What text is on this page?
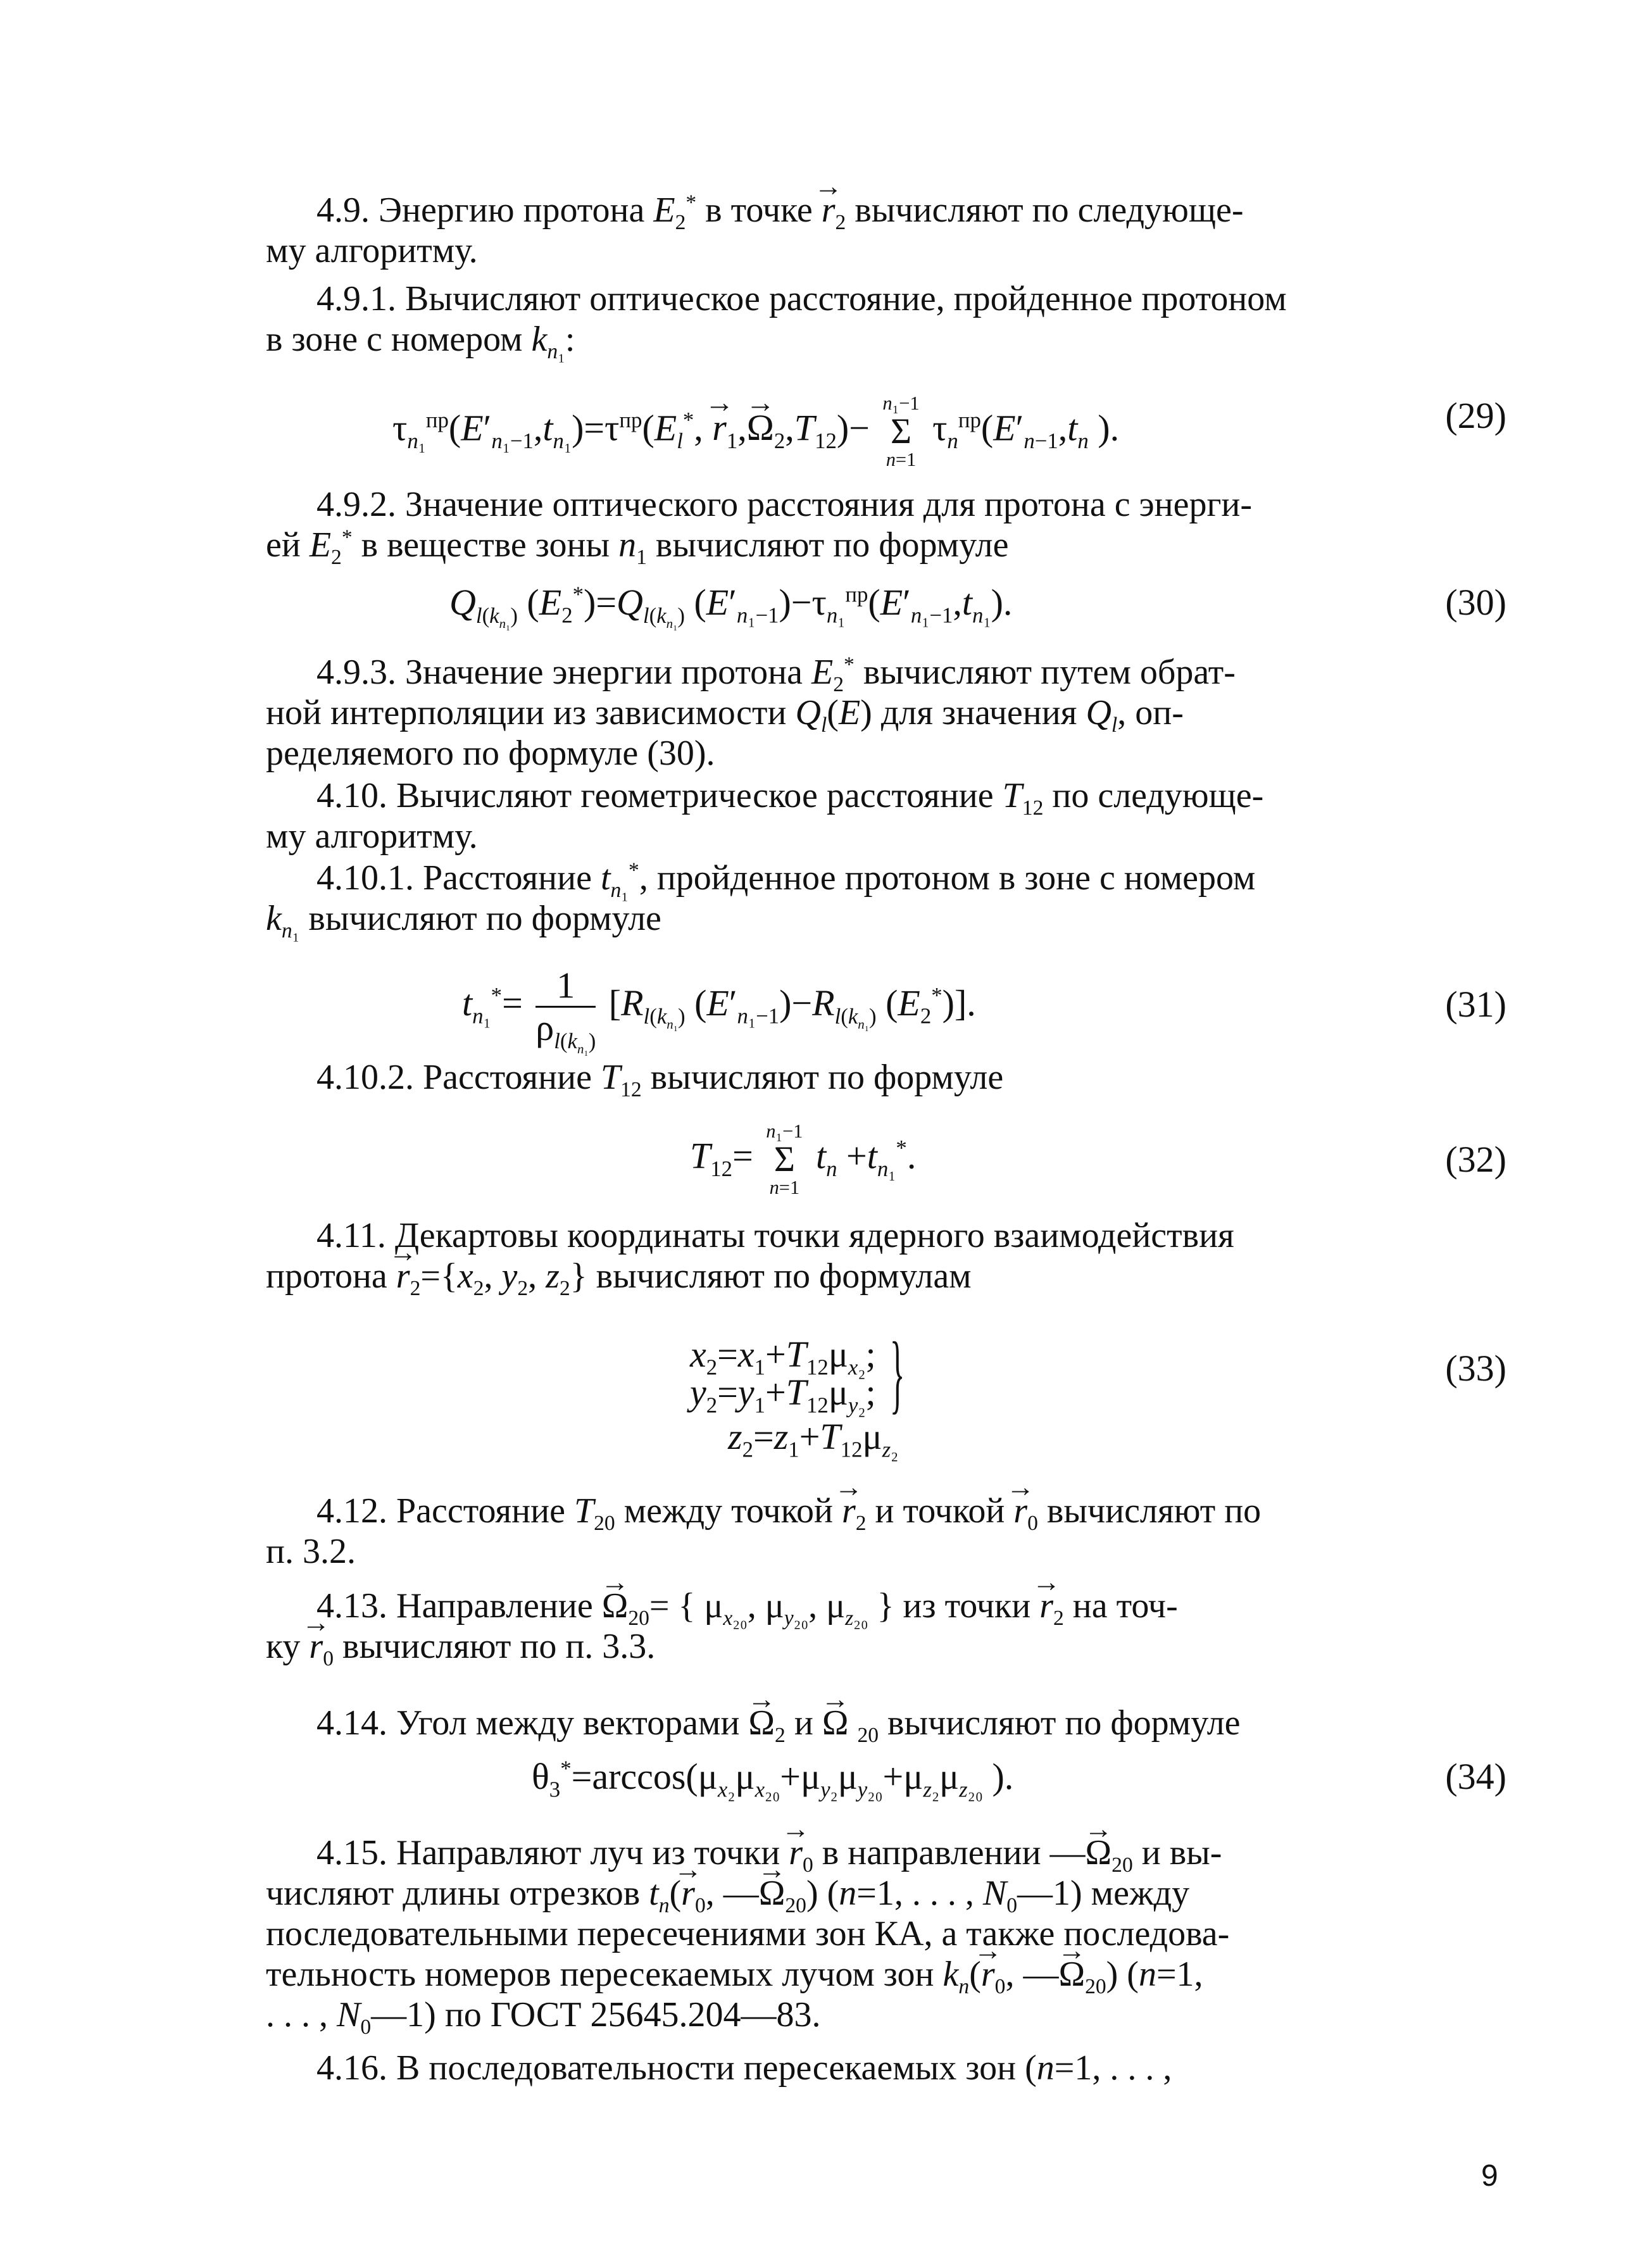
4.9. Энергию протона $E_2^*$ в точке → $r_2$ вычисляют по следующе-
му алгоритму.
4.9.1. Вычисляют оптическое расстояние, пройденное протоном
в зоне с номером $k_{n_1}$:
$\tau_{n_1}^{пр}(E'_{n_1-1},t_{n_1})=\tau^{пр}(E_l^*$, → $r_1,\to \Omega_2,T_{12})-$
n₁−1
Σ
n=1
$\tau_n^{пр}(E'_{n-1},t_n$ ).	(29)
4.9.2. Значение оптического расстояния для протона с энерги-
ей $E_2^*$ в веществе зоны $n_1$ вычисляют по формуле
$Q_{l(k_{n_1})}$ $(E_2^*)=Q_{l(k_{n_1})}$ $(E'_{n_1-1})-\tau_{n_1}^{пр}(E'_{n_1-1},t_{n_1})$.	(30)
4.9.3. Значение энергии протона $E_2^*$ вычисляют путем обрат-
ной интерполяции из зависимости $Q_l(E)$ для значения $Q_l$, оп-
ределяемого по формуле (30).
4.10. Вычисляют геометрическое расстояние $T_{12}$ по следующе-
му алгоритму.
4.10.1. Расстояние $t_{n_1}^*$, пройденное протоном в зоне с номером
$k_{n_1}$ вычисляют по формуле
$t_{n_1}^*= \frac{1}{\rho_{l(k_{n_1})}} [R_{l(k_{n_1})}$ $(E'_{n_1-1})-R_{l(k_{n_1})}$ $(E_2^*)$].	(31)
4.10.2. Расстояние $T_{12}$ вычисляют по формуле
$T_{12}=$
n₁−1
Σ
n=1
$t_n +t_{n_1}^*$.	(32)
4.11. Декартовы координаты точки ядерного взаимодействия
протона → $r_2=\{x_2$, $y_2$, $z_2$} вычисляют по формулам
$x_2=x_1+T_{12}\mu_{x_2}$;
$y_2=y_1+T_{12}\mu_{y_2}$; }
$z_2=z_1+T_{12}\mu_{z_2}$
(33)
4.12. Расстояние $T_{20}$ между точкой → $r_2$ и точкой → $r_0$ вычисляют по
п. 3.2.
4.13. Направление → $\Omega_{20}=$ { $\mu_{x_{20}}$, $\mu_{y_{20}}$, $\mu_{z_{20}}$ } из точки → $r_2$ на точ-
ку → $r_0$ вычисляют по п. 3.3.
4.14. Угол между векторами → $\Omega_2$ и → Ω $_{20}$ вычисляют по формуле
$\theta_3^*=\arccos(\mu_{x_2}\mu_{x_{20}}+\mu_{y_2}\mu_{y_{20}}+\mu_{z_2}\mu_{z_{20}}$ ).	(34)
4.15. Направляют луч из точки → $r_0$ в направлении —→ $\Omega_{20}$ и вы-
числяют длины отрезков $t_n(\to r_0$, —→ $\Omega_{20}$) (n=1, . . . , $N_0—1$) между
последовательными пересечениями зон КА, а также последова-
тельность номеров пересекаемых лучом зон $k_n(\to r_0$, —→ $\Omega_{20}$) (n=1,
. . . , $N_0—1$) по ГОСТ 25645.204—83.
4.16. В последовательности пересекаемых зон (n=1, . . . ,
9
